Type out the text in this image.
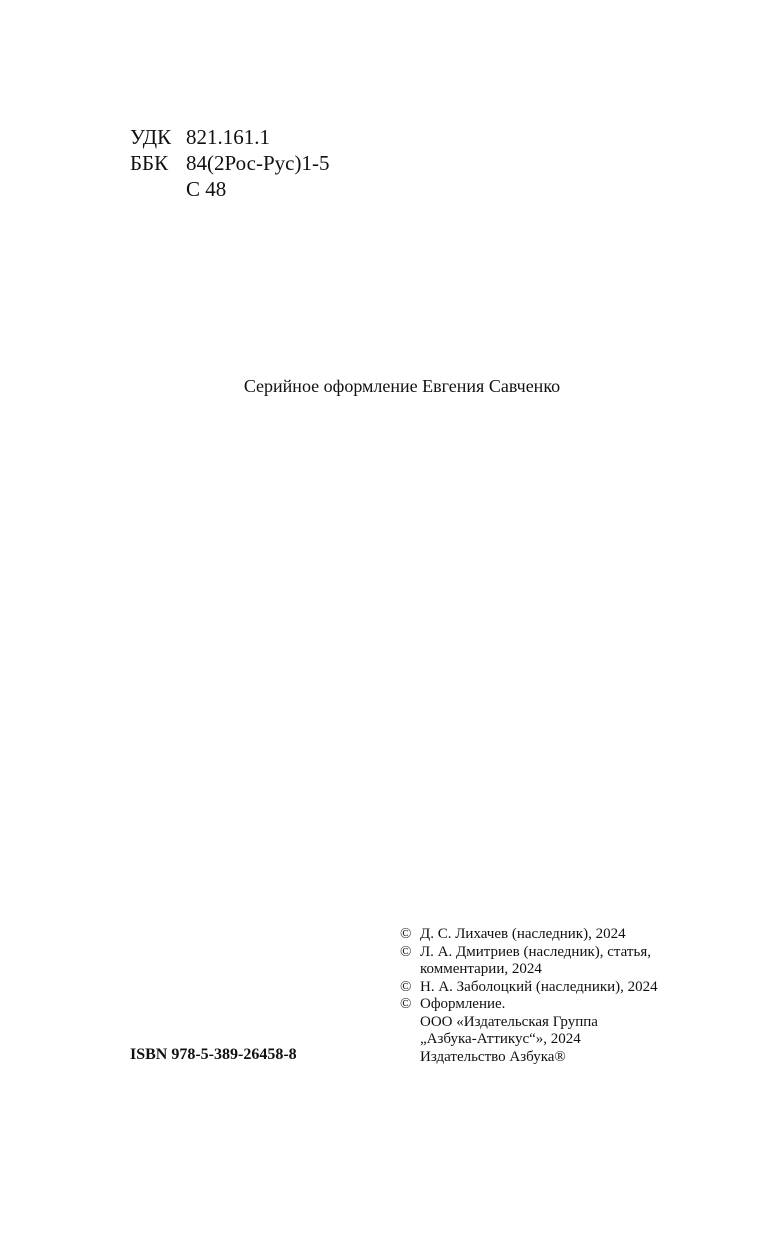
УДК 821.161.1
ББК 84(2Рос-Рус)1-5
С 48
Серийное оформление Евгения Савченко
ISBN 978-5-389-26458-8
© Д. С. Лихачев (наследник), 2024
© Л. А. Дмитриев (наследник), статья,
комментарии, 2024
© Н. А. Заболоцкий (наследники), 2024
© Оформление.
ООО «Издательская Группа
„Азбука-Аттикус“», 2024
Издательство Азбука®
